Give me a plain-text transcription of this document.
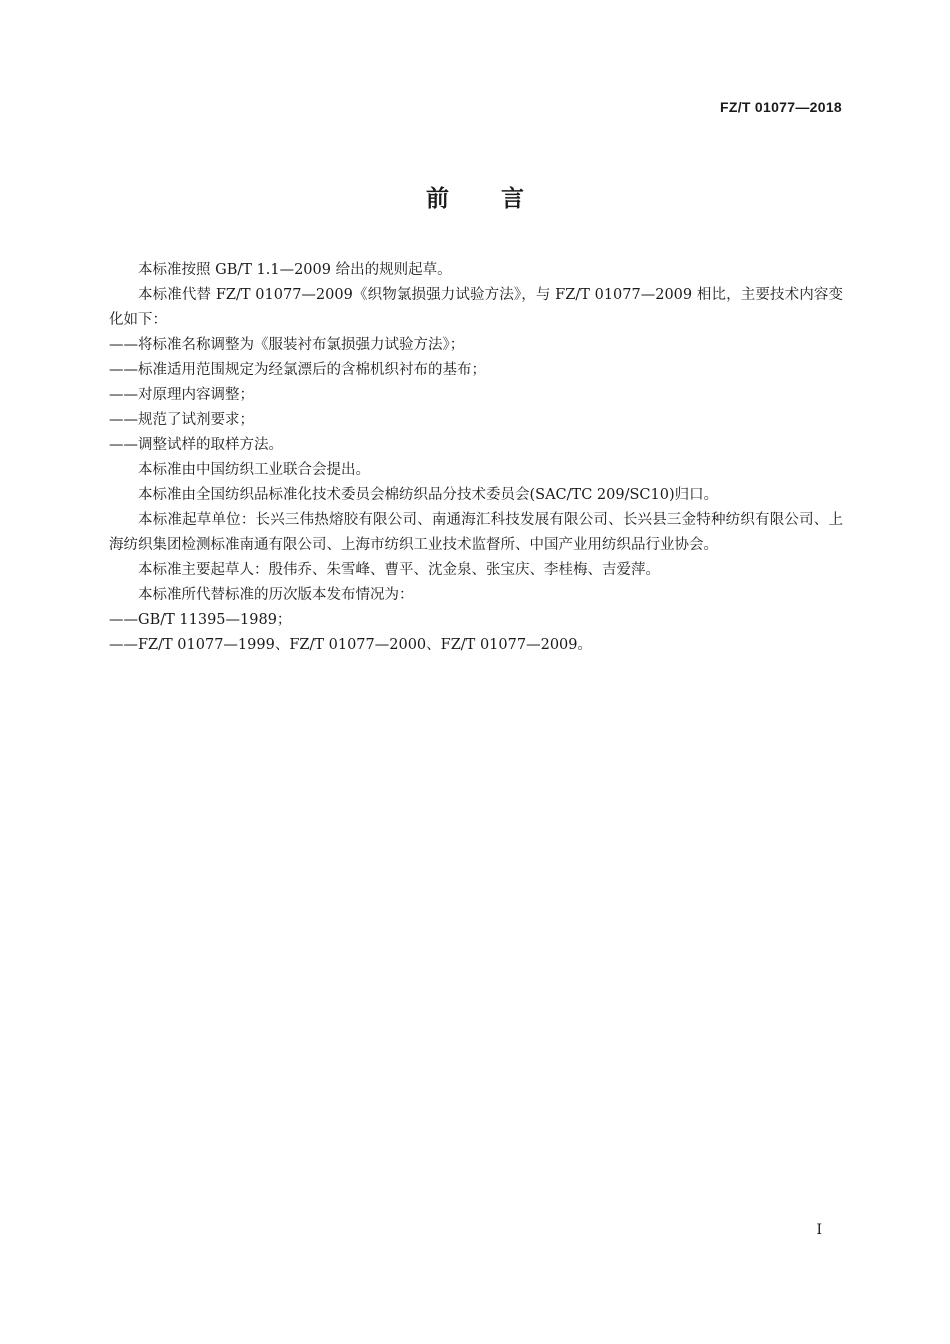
FZ/T 01077—2018
前言

本标准按照 GB/T 1.1—2009 给出的规则起草。

本标准代替 FZ/T 01077—2009《织物氯损强力试验方法》，与 FZ/T 01077—2009 相比，主要技术内容变化如下：

——将标准名称调整为《服装衬布氯损强力试验方法》；

——标准适用范围规定为经氯漂后的含棉机织衬布的基布；

——对原理内容调整；

——规范了试剂要求；

——调整试样的取样方法。

本标准由中国纺织工业联合会提出。

本标准由全国纺织品标准化技术委员会棉纺织品分技术委员会(SAC/TC 209/SC10)归口。

本标准起草单位：长兴三伟热熔胶有限公司、南通海汇科技发展有限公司、长兴县三金特种纺织有限公司、上海纺织集团检测标准南通有限公司、上海市纺织工业技术监督所、中国产业用纺织品行业协会。

本标准主要起草人：殷伟乔、朱雪峰、曹平、沈金泉、张宝庆、李桂梅、吉爱萍。

本标准所代替标准的历次版本发布情况为：

——GB/T 11395—1989；

——FZ/T 01077—1999、FZ/T 01077—2000、FZ/T 01077—2009。

I
